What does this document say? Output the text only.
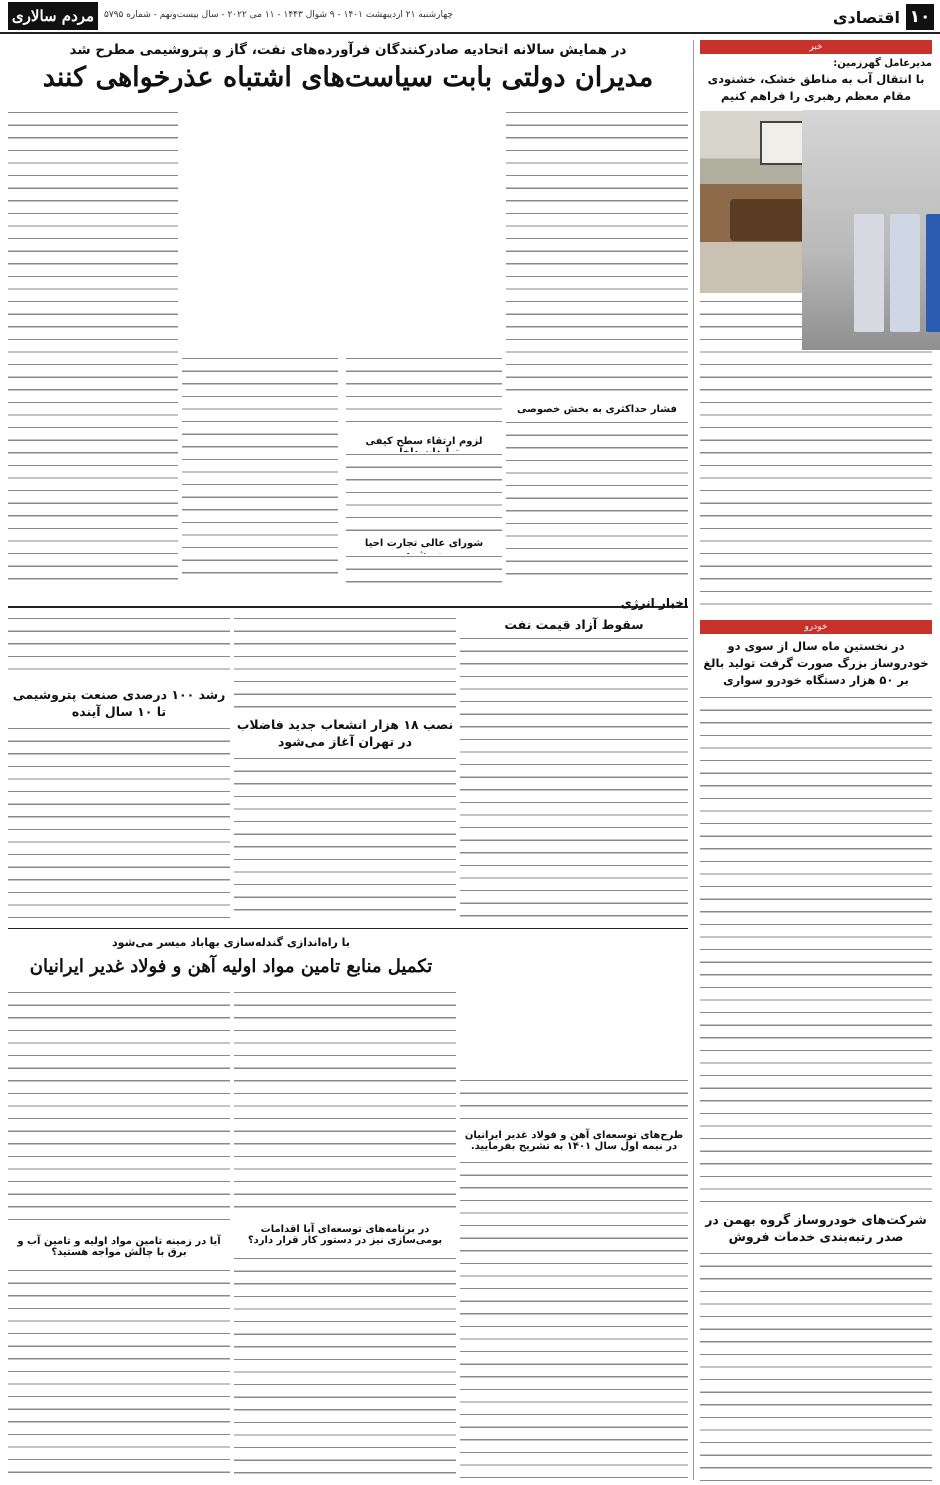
۱۰
اقتصادی
مردم سالاری	چهارشنبه ۲۱ اردیبهشت ۱۴۰۱ - ۹ شوال ۱۴۴۳ - ۱۱ می ۲۰۲۲ - سال بیست‌ونهم - شماره ۵۷۹۵
خبر
مدیرعامل گهرزمین:
با انتقال آب به مناطق خشک، خشنودی مقام معظم رهبری را فراهم کنیم
خودرو
در نخستین ماه سال از سوی دو خودروساز بزرگ صورت گرفت تولید بالغ بر ۵۰ هزار دستگاه خودرو سواری
شرکت‌های خودروساز گروه بهمن در صدر رتبه‌بندی خدمات فروش
در همایش سالانه اتحادیه صادرکنندگان فرآورده‌های نفت، گاز و پتروشیمی مطرح شد
مدیران دولتی بابت سیاست‌های اشتباه عذرخواهی کنند
فشار حداکثری به بخش خصوصی
لزوم ارتقاء سطح کیفی
شورای عالی تجارت احیا
اخبار انرژی
سقوط آزاد قیمت نفت
نصب ۱۸ هزار انشعاب جدید فاضلاب در تهران آغاز می‌شود
رشد ۱۰۰ درصدی صنعت پتروشیمی تا ۱۰ سال آینده
با راه‌اندازی گندله‌سازی بهاباد میسر می‌شود
تکمیل منابع تامین مواد اولیه آهن و فولاد غدیر ایرانیان
طرح‌های توسعه‌ای آهن و فولاد غدیر ایرانیان در نیمه اول سال ۱۴۰۱ به تشریح بفرمایید.
در برنامه‌های توسعه‌ای آیا اقدامات بومی‌سازی نیز در دستور کار قرار دارد؟
آیا در زمینه تامین مواد اولیه و تامین آب و برق با چالش مواجه هستید؟
